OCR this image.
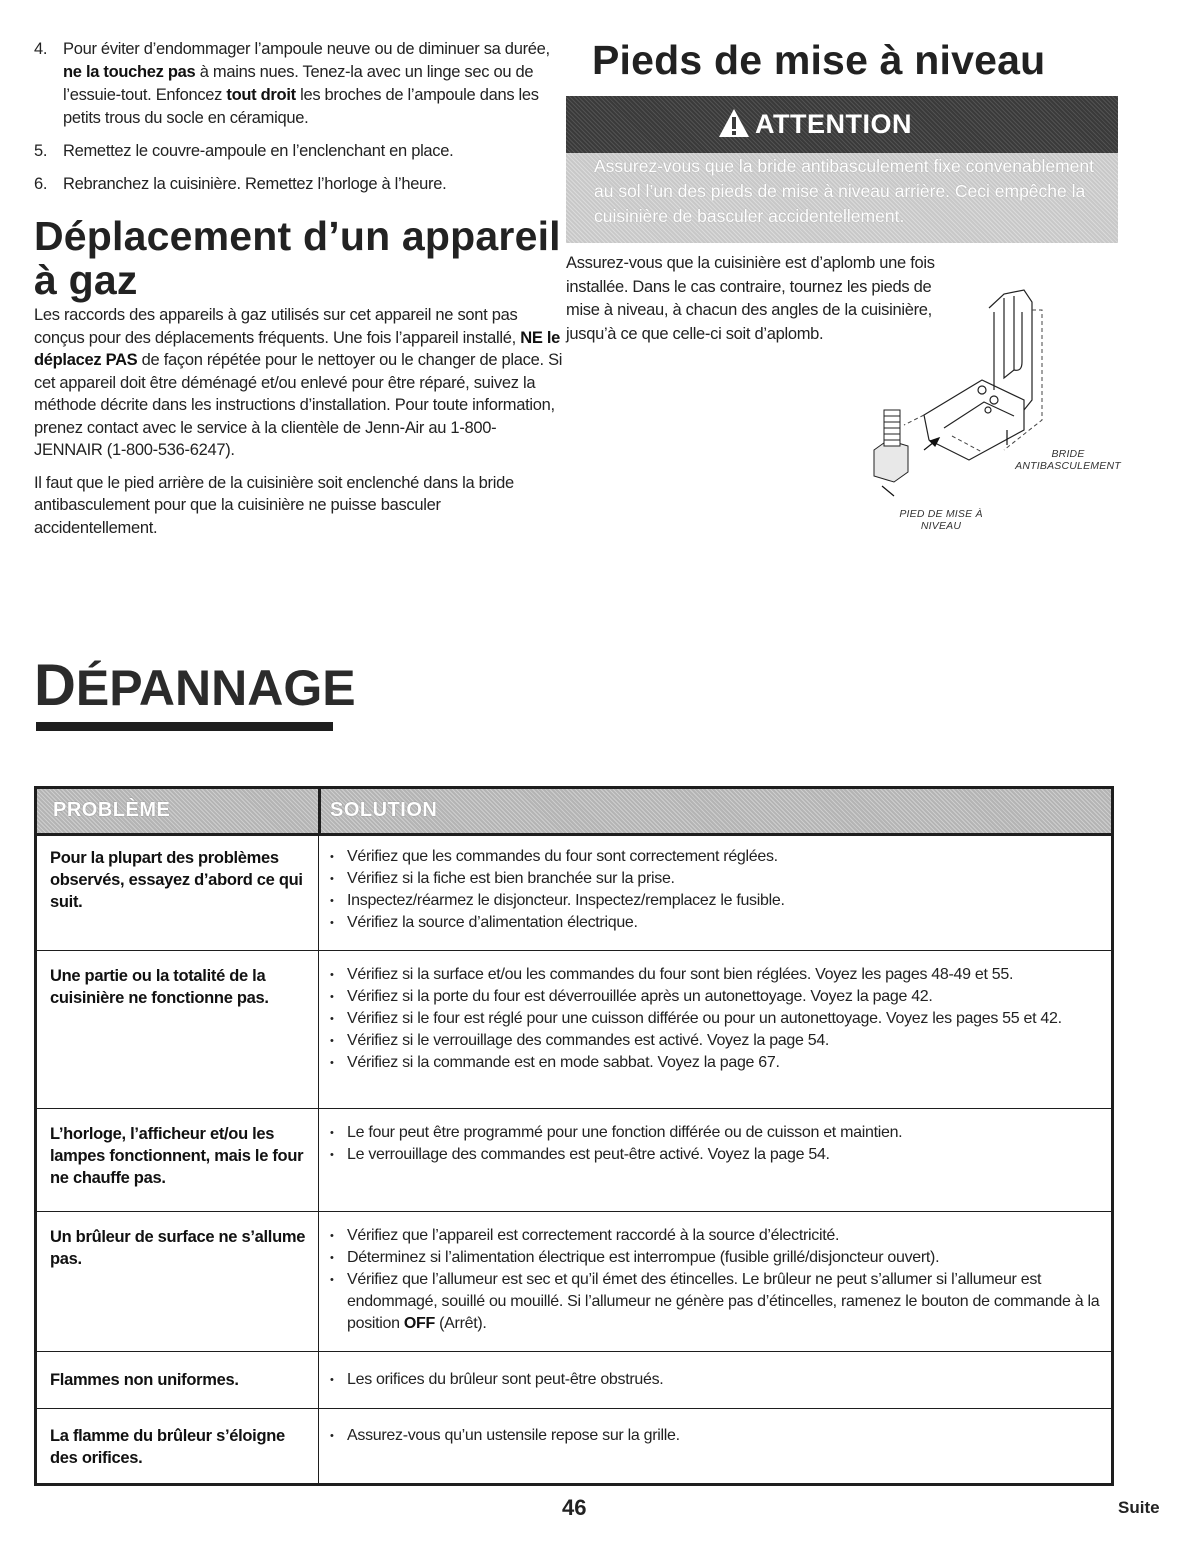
4. Pour éviter d’endommager l’ampoule neuve ou de diminuer sa durée, ne la touchez pas à mains nues. Tenez-la avec un linge sec ou de l’essuie-tout. Enfoncez tout droit les broches de l’ampoule dans les petits trous du socle en céramique.
5. Remettez le couvre-ampoule en l’enclenchant en place.
6. Rebranchez la cuisinière. Remettez l’horloge à l’heure.
Déplacement d’un appareil
à gaz

Les raccords des appareils à gaz utilisés sur cet appareil ne sont pas conçus pour des déplacements fréquents. Une fois l’appareil installé, NE le déplacez PAS de façon répétée pour le nettoyer ou le changer de place. Si cet appareil doit être déménagé et/ou enlevé pour être réparé, suivez la méthode décrite dans les instructions d’installation. Pour toute information, prenez contact avec le service à la clientèle de Jenn-Air au 1-800-JENNAIR (1-800-536-6247).

Il faut que le pied arrière de la cuisinière soit enclenché dans la bride antibasculement pour que la cuisinière ne puisse basculer accidentellement.

Pieds de mise à niveau
ATTENTION
Assurez-vous que la bride antibasculement fixe convenablement au sol l’un des pieds de mise à niveau arrière. Ceci empêche la cuisinière de basculer accidentellement.
Assurez-vous que la cuisinière est d’aplomb une fois installée. Dans le cas contraire, tournez les pieds de mise à niveau, à chacun des angles de la cuisinière, jusqu’à ce que celle-ci soit d’aplomb.
BRIDE ANTIBASCULEMENT
PIED DE MISE À NIVEAU
DÉPANNAGE
PROBLÈME	SOLUTION
Pour la plupart des problèmes observés, essayez d’abord ce qui suit.
• Vérifiez que les commandes du four sont correctement réglées.
• Vérifiez si la fiche est bien branchée sur la prise.
• Inspectez/réarmez le disjoncteur. Inspectez/remplacez le fusible.
• Vérifiez la source d’alimentation électrique.
Une partie ou la totalité de la cuisinière ne fonctionne pas.
• Vérifiez si la surface et/ou les commandes du four sont bien réglées. Voyez les pages 48-49 et 55.
• Vérifiez si la porte du four est déverrouillée après un autonettoyage. Voyez la page 42.
• Vérifiez si le four est réglé pour une cuisson différée ou pour un autonettoyage. Voyez les pages 55 et 42.
• Vérifiez si le verrouillage des commandes est activé. Voyez la page 54.
• Vérifiez si la commande est en mode sabbat. Voyez la page 67.
L’horloge, l’afficheur et/ou les lampes fonctionnent, mais le four ne chauffe pas.
• Le four peut être programmé pour une fonction différée ou de cuisson et maintien.
• Le verrouillage des commandes est peut-être activé. Voyez la page 54.
Un brûleur de surface ne s’allume pas.
• Vérifiez que l’appareil est correctement raccordé à la source d’électricité.
• Déterminez si l’alimentation électrique est interrompue (fusible grillé/disjoncteur ouvert).
• Vérifiez que l’allumeur est sec et qu’il émet des étincelles. Le brûleur ne peut s’allumer si l’allumeur est endommagé, souillé ou mouillé. Si l’allumeur ne génère pas d’étincelles, ramenez le bouton de commande à la position OFF (Arrêt).
Flammes non uniformes.
•	Les orifices du brûleur sont peut-être obstrués.
La flamme du brûleur s’éloigne des orifices.
• Assurez-vous qu’un ustensile repose sur la grille.
46	Suite
